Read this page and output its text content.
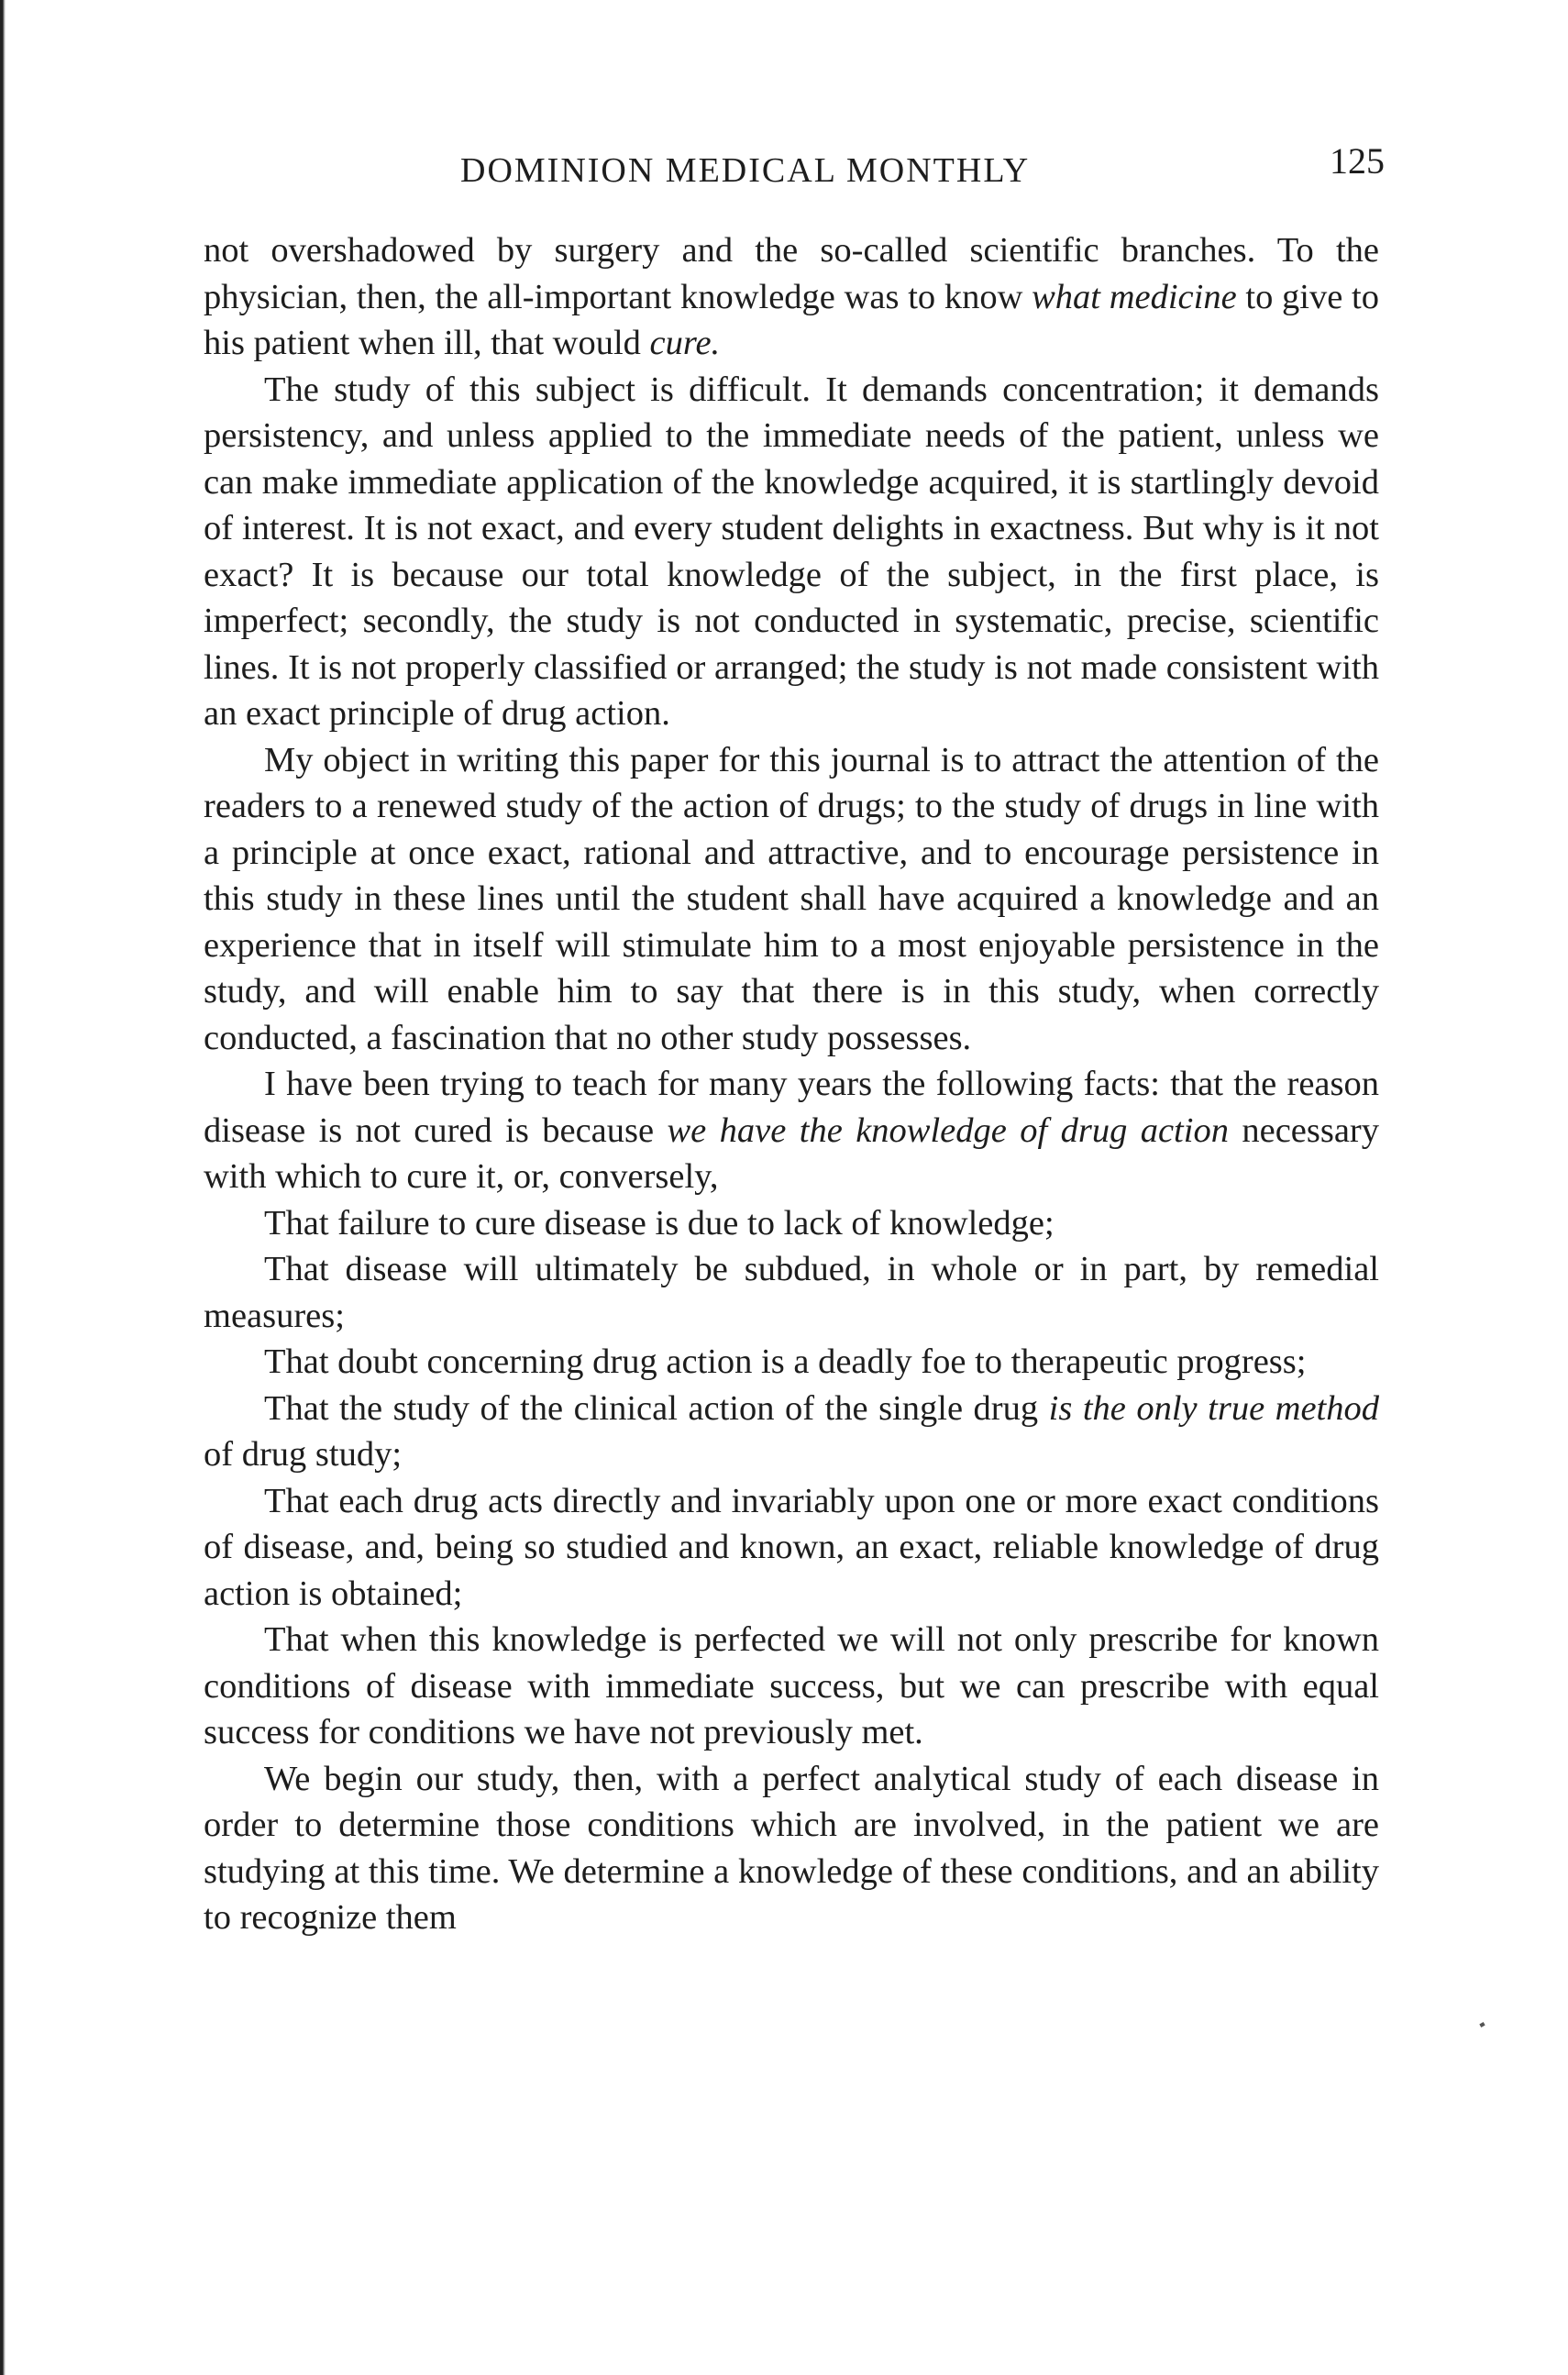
DOMINION MEDICAL MONTHLY	125

not overshadowed by surgery and the so-called scientific branches. To the physician, then, the all-important knowledge was to know what medicine to give to his patient when ill, that would cure.

The study of this subject is difficult. It demands concentration; it demands persistency, and unless applied to the immediate needs of the patient, unless we can make immediate application of the knowledge acquired, it is startlingly devoid of interest. It is not exact, and every student delights in exactness. But why is it not exact? It is because our total knowledge of the subject, in the first place, is imperfect; secondly, the study is not conducted in systematic, precise, scientific lines. It is not properly classified or arranged; the study is not made consistent with an exact principle of drug action.

My object in writing this paper for this journal is to attract the attention of the readers to a renewed study of the action of drugs; to the study of drugs in line with a principle at once exact, rational and attractive, and to encourage persistence in this study in these lines until the student shall have acquired a knowledge and an experience that in itself will stimulate him to a most enjoyable persistence in the study, and will enable him to say that there is in this study, when correctly conducted, a fascination that no other study possesses.

I have been trying to teach for many years the following facts: that the reason disease is not cured is because we have the knowledge of drug action necessary with which to cure it, or, conversely,

That failure to cure disease is due to lack of knowledge;

That disease will ultimately be subdued, in whole or in part, by remedial measures;

That doubt concerning drug action is a deadly foe to therapeutic progress;

That the study of the clinical action of the single drug is the only true method of drug study;

That each drug acts directly and invariably upon one or more exact conditions of disease, and, being so studied and known, an exact, reliable knowledge of drug action is obtained;

That when this knowledge is perfected we will not only prescribe for known conditions of disease with immediate success, but we can prescribe with equal success for conditions we have not previously met.

We begin our study, then, with a perfect analytical study of each disease in order to determine those conditions which are involved, in the patient we are studying at this time. We determine a knowledge of these conditions, and an ability to recognize them
